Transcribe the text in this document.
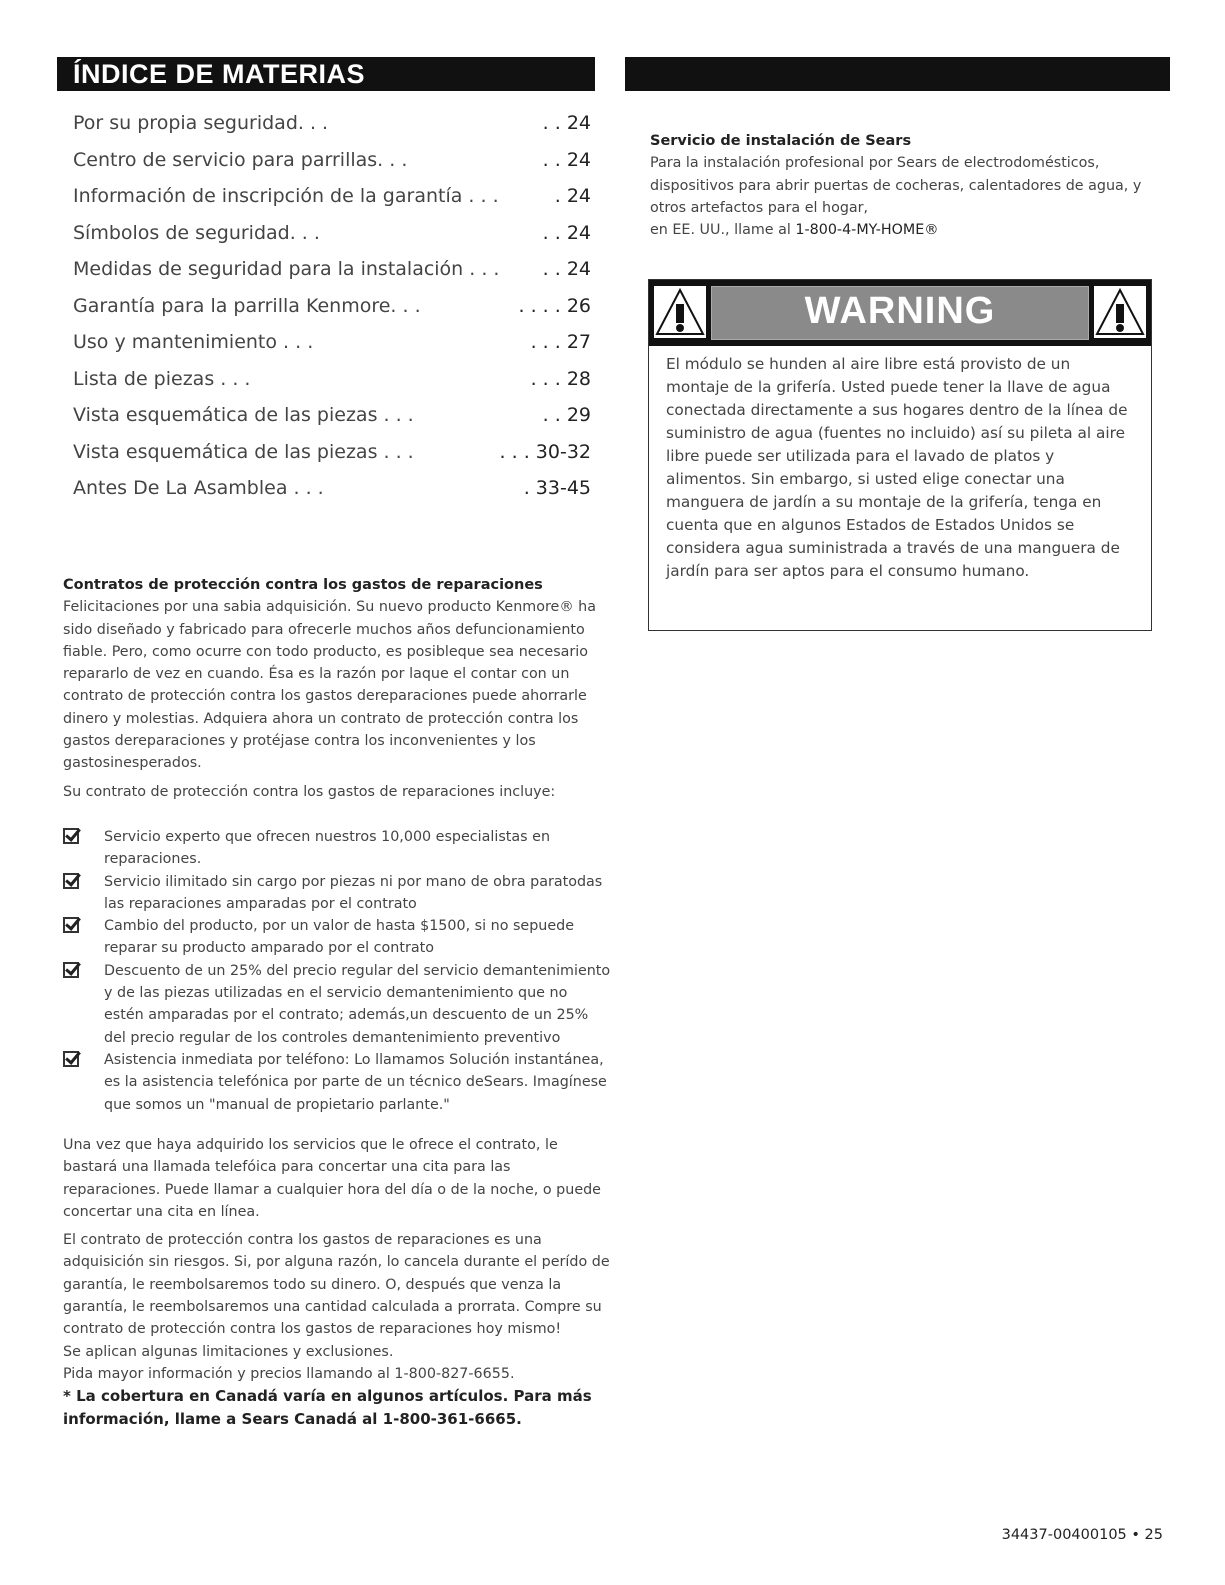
ÍNDICE DE MATERIAS
Por su propia seguridad. . .	. . 24
Centro de servicio para parrillas. . .	. . 24
Información de inscripción de la garantía . . .	. 24
Símbolos de seguridad. . .	. . 24
Medidas de seguridad para la instalación . . . . . 24
Garantía para la parrilla Kenmore. . .	. . . . 26
Uso y mantenimiento . . .	. . . 27
Lista de piezas . . .	. . . 28
Vista esquemática de las piezas . . .	. . 29
Vista esquemática de las piezas . . .	. . . 30-32
Antes De La Asamblea . . .	. 33-45

Contratos de protección contra los gastos de reparaciones

Felicitaciones por una sabia adquisición. Su nuevo producto Kenmore® ha sido diseñado y fabricado para ofrecerle muchos años defuncionamiento fiable. Pero, como ocurre con todo producto, es posibleque sea necesario repararlo de vez en cuando. Ésa es la razón por laque el contar con un contrato de protección contra los gastos dereparaciones puede ahorrarle dinero y molestias. Adquiera ahora un contrato de protección contra los gastos dereparaciones y protéjase contra los inconvenientes y los gastosinesperados.

Su contrato de protección contra los gastos de reparaciones incluye:

Servicio experto que ofrecen nuestros 10,000 especialistas en reparaciones.
Servicio ilimitado sin cargo por piezas ni por mano de obra paratodas las reparaciones amparadas por el contrato
Cambio del producto, por un valor de hasta $1500, si no sepuede reparar su producto amparado por el contrato
Descuento de un 25% del precio regular del servicio demantenimiento y de las piezas utilizadas en el servicio demantenimiento que no estén amparadas por el contrato; además,un descuento de un 25% del precio regular de los controles demantenimiento preventivo
Asistencia inmediata por teléfono: Lo llamamos Solución instantánea, es la asistencia telefónica por parte de un técnico deSears. Imagínese que somos un "manual de propietario parlante."

Una vez que haya adquirido los servicios que le ofrece el contrato, le bastará una llamada telefóica para concertar una cita para las reparaciones. Puede llamar a cualquier hora del día o de la noche, o puede concertar una cita en línea.

El contrato de protección contra los gastos de reparaciones es una adquisición sin riesgos. Si, por alguna razón, lo cancela durante el perído de garantía, le reembolsaremos todo su dinero. O, después que venza la garantía, le reembolsaremos una cantidad calculada a prorrata. Compre su contrato de protección contra los gastos de reparaciones hoy mismo!

Se aplican algunas limitaciones y exclusiones.

Pida mayor información y precios llamando al 1-800-827-6655.

* La cobertura en Canadá varía en algunos artículos. Para más información, llame a Sears Canadá al 1-800-361-6665.

Servicio de instalación de Sears

Para la instalación profesional por Sears de electrodomésticos, dispositivos para abrir puertas de cocheras, calentadores de agua, y otros artefactos para el hogar,

en EE. UU., llame al 1-800-4-MY-HOME®

WARNING

El módulo se hunden al aire libre está provisto de un montaje de la grifería. Usted puede tener la llave de agua conectada directamente a sus hogares dentro de la línea de suministro de agua (fuentes no incluido) así su pileta al aire libre puede ser utilizada para el lavado de platos y alimentos. Sin embargo, si usted elige conectar una manguera de jardín a su montaje de la grifería, tenga en cuenta que en algunos Estados de Estados Unidos se considera agua suministrada a través de una manguera de jardín para ser aptos para el consumo humano.

34437-00400105 • 25
